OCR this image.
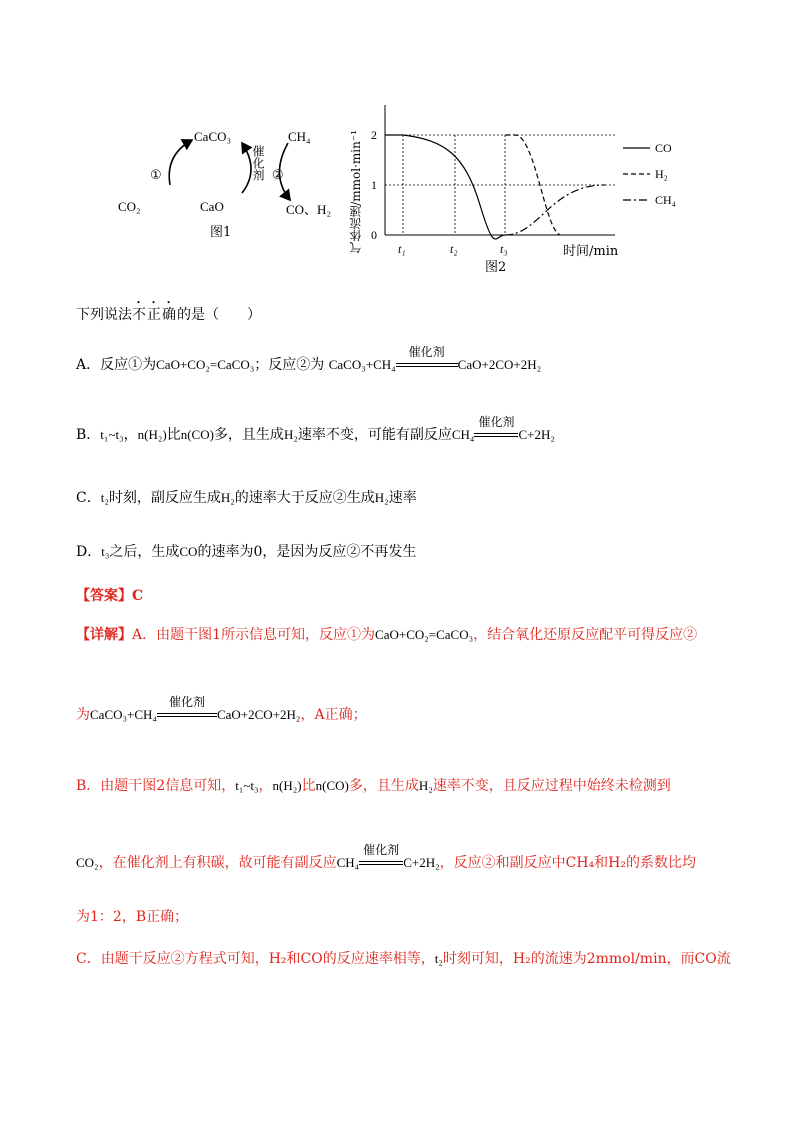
CaCO₃	CH₄
①	②
催化剂
CO₂	CaO	CO、H₂
图1	0
1
2
t₁	t₂	t₃
CO
H₂
CH₄
气体流速/mmol·min⁻¹	时间/min
图2
下列说法不正确的是（　　）
A．反应①为CaO+CO₂=CaCO₃；反应②为 CaCO₃+CH₄
催化剂
CaO+2CO+2H₂
B．t₁~t₃，n(H₂)比n(CO)多，且生成H₂速率不变，可能有副反应CH₄
催化剂
C+2H₂
C．t₂时刻，副反应生成H₂的速率大于反应②生成H₂速率
D．t₃之后，生成CO的速率为0，是因为反应②不再发生
【答案】C
【详解】A．由题干图1所示信息可知，反应①为CaO+CO₂=CaCO₃，结合氧化还原反应配平可得反应②
为CaCO₃+CH₄
催化剂
CaO+2CO+2H₂，A正确；
B．由题干图2信息可知，t₁~t₃，n(H₂)比n(CO)多，且生成H₂速率不变，且反应过程中始终未检测到
CO₂，在催化剂上有积碳，故可能有副反应CH₄
催化剂
C+2H₂，反应②和副反应中CH₄和H₂的系数比均
为1：2，B正确；
C．由题干反应②方程式可知，H₂和CO的反应速率相等，t₂时刻可知，H₂的流速为2mmol/min，而CO流
